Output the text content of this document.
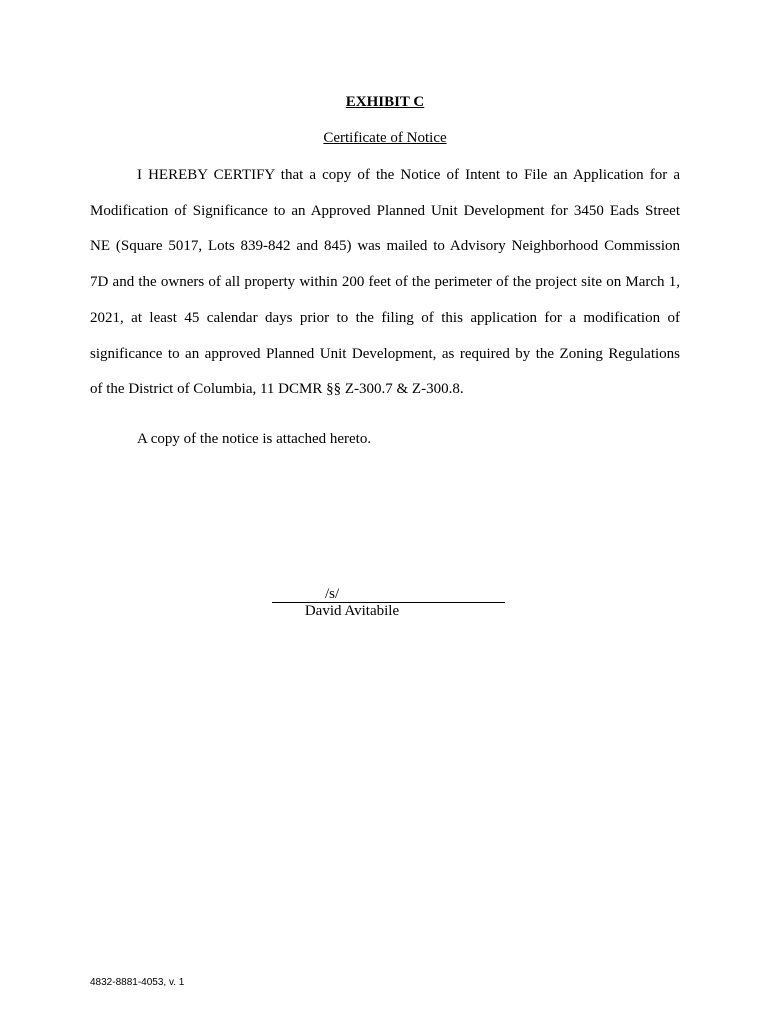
EXHIBIT C
Certificate of Notice
I HEREBY CERTIFY that a copy of the Notice of Intent to File an Application for a
Modification of Significance to an Approved Planned Unit Development for 3450 Eads Street
NE (Square 5017, Lots 839-842 and 845) was mailed to Advisory Neighborhood Commission
7D and the owners of all property within 200 feet of the perimeter of the project site on March 1,
2021, at least 45 calendar days prior to the filing of this application for a modification of
significance to an approved Planned Unit Development, as required by the Zoning Regulations
of the District of Columbia, 11 DCMR §§ Z-300.7 & Z-300.8.
A copy of the notice is attached hereto.
/s/
David Avitabile
4832-8881-4053, v. 1
